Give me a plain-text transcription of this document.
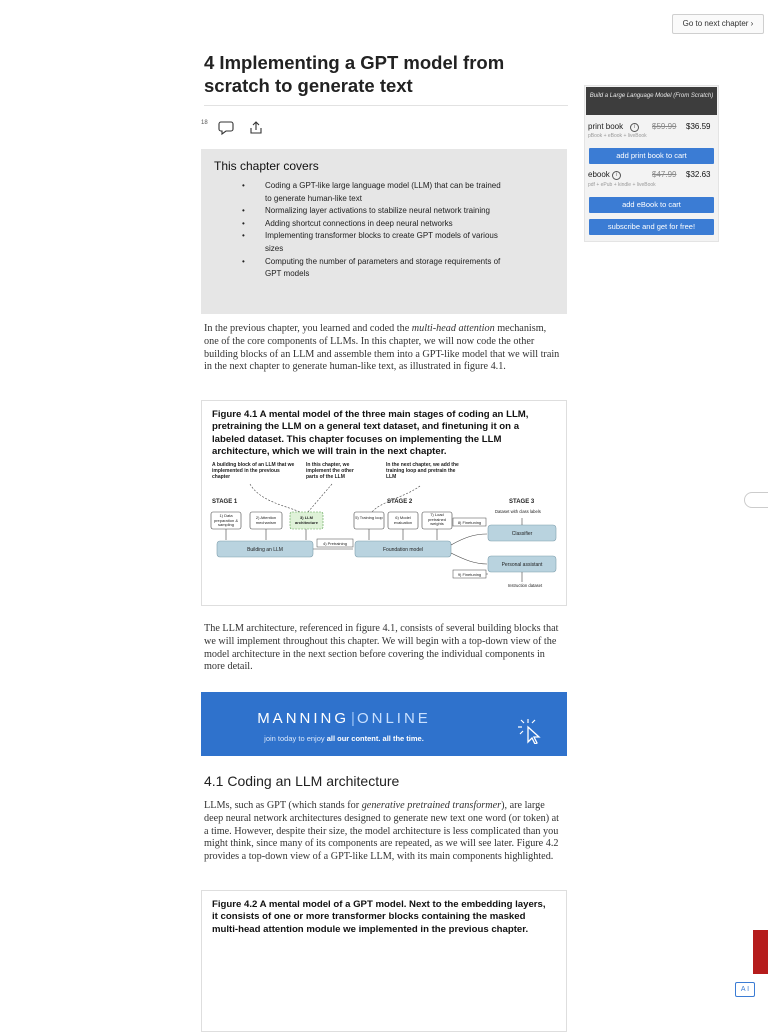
Go to next chapter ›
4 Implementing a GPT model from scratch to generate text
18
This chapter covers
•	Coding a GPT-like large language model (LLM) that can be trained to generate human-like text
•	Normalizing layer activations to stabilize neural network training
•	Adding shortcut connections in deep neural networks
•	Implementing transformer blocks to create GPT models of various sizes
•	Computing the number of parameters and storage requirements of GPT models
Build a Large Language Model (From Scratch)
print book	i	$59.99 $36.59
pBook + eBook + liveBook
add print book to cart
ebook	i	$47.99 $32.63
pdf + ePub + kindle + liveBook
add eBook to cart
subscribe and get for free!
In the previous chapter, you learned and coded the multi-head attention mechanism, one of the core components of LLMs. In this chapter, we will now code the other building blocks of an LLM and assemble them into a GPT-like model that we will train in the next chapter to generate human-like text, as illustrated in figure 4.1.
Figure 4.1 A mental model of the three main stages of coding an LLM, pretraining the LLM on a general text dataset, and finetuning it on a labeled dataset. This chapter focuses on implementing the LLM architecture, which we will train in the next chapter.
A building block of an LLM that we implemented in the previous chapter
In this chapter, we implement the other parts of the LLM
In the next chapter, we add the training loop and pretrain the LLM
STAGE 1	STAGE 2	STAGE 3
Dataset with class labels
1) Data preparation & sampling
2) Attention mechanism
3) LLM architecture
5) Training loop	6) Model evaluation
7) Load pretrained weights	8) Finetuning
4) Pretraining
9) Finetuning
Building an LLM	Foundation model
Classifier
Personal assistant
Instruction dataset
The LLM architecture, referenced in figure 4.1, consists of several building blocks that we will implement throughout this chapter. We will begin with a top-down view of the model architecture in the next section before covering the individual components in more detail.
MANNING | ONLINE
join today to enjoy all our content. all the time.
4.1 Coding an LLM architecture
LLMs, such as GPT (which stands for generative pretrained transformer), are large deep neural network architectures designed to generate new text one word (or token) at a time. However, despite their size, the model architecture is less complicated than you might think, since many of its components are repeated, as we will see later. Figure 4.2 provides a top-down view of a GPT-like LLM, with its main components highlighted.
Figure 4.2 A mental model of a GPT model. Next to the embedding layers, it consists of one or more transformer blocks containing the masked multi-head attention module we implemented in the previous chapter.
liveAP
A I
